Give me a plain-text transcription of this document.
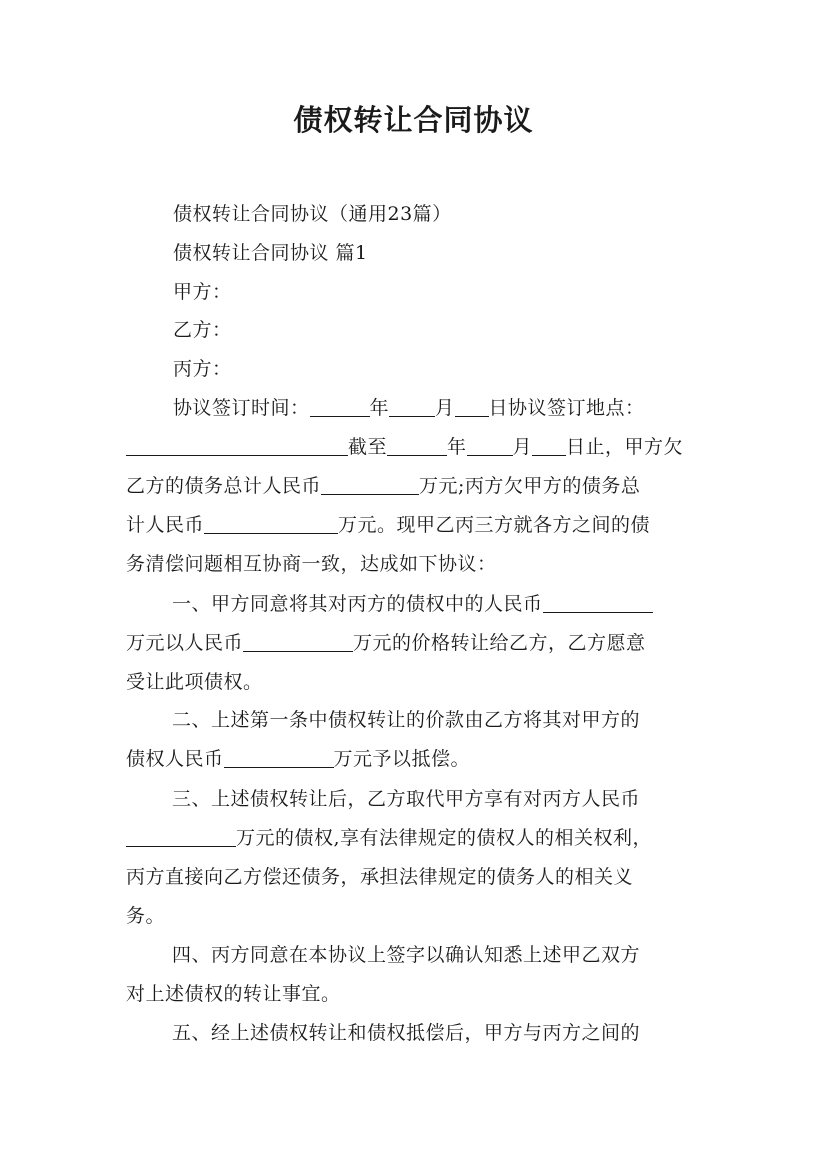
债权转让合同协议
债权转让合同协议（通用23篇）
债权转让合同协议 篇1
甲方：
乙方：
丙方：
协议签订时间：	年 月 日协议签订地点：
截至	年 月 日止，甲方欠
乙方的债务总计人民币	万元;丙方欠甲方的债务总
计人民币	万元。现甲乙丙三方就各方之间的债
务清偿问题相互协商一致，达成如下协议：
一、甲方同意将其对丙方的债权中的人民币
万元以人民币	万元的价格转让给乙方，乙方愿意
受让此项债权。
二、上述第一条中债权转让的价款由乙方将其对甲方的
债权人民币	万元予以抵偿。
三、上述债权转让后，乙方取代甲方享有对丙方人民币
万元的债权,享有法律规定的债权人的相关权利，
丙方直接向乙方偿还债务，承担法律规定的债务人的相关义
务。
四、丙方同意在本协议上签字以确认知悉上述甲乙双方
对上述债权的转让事宜。
五、经上述债权转让和债权抵偿后，甲方与丙方之间的
